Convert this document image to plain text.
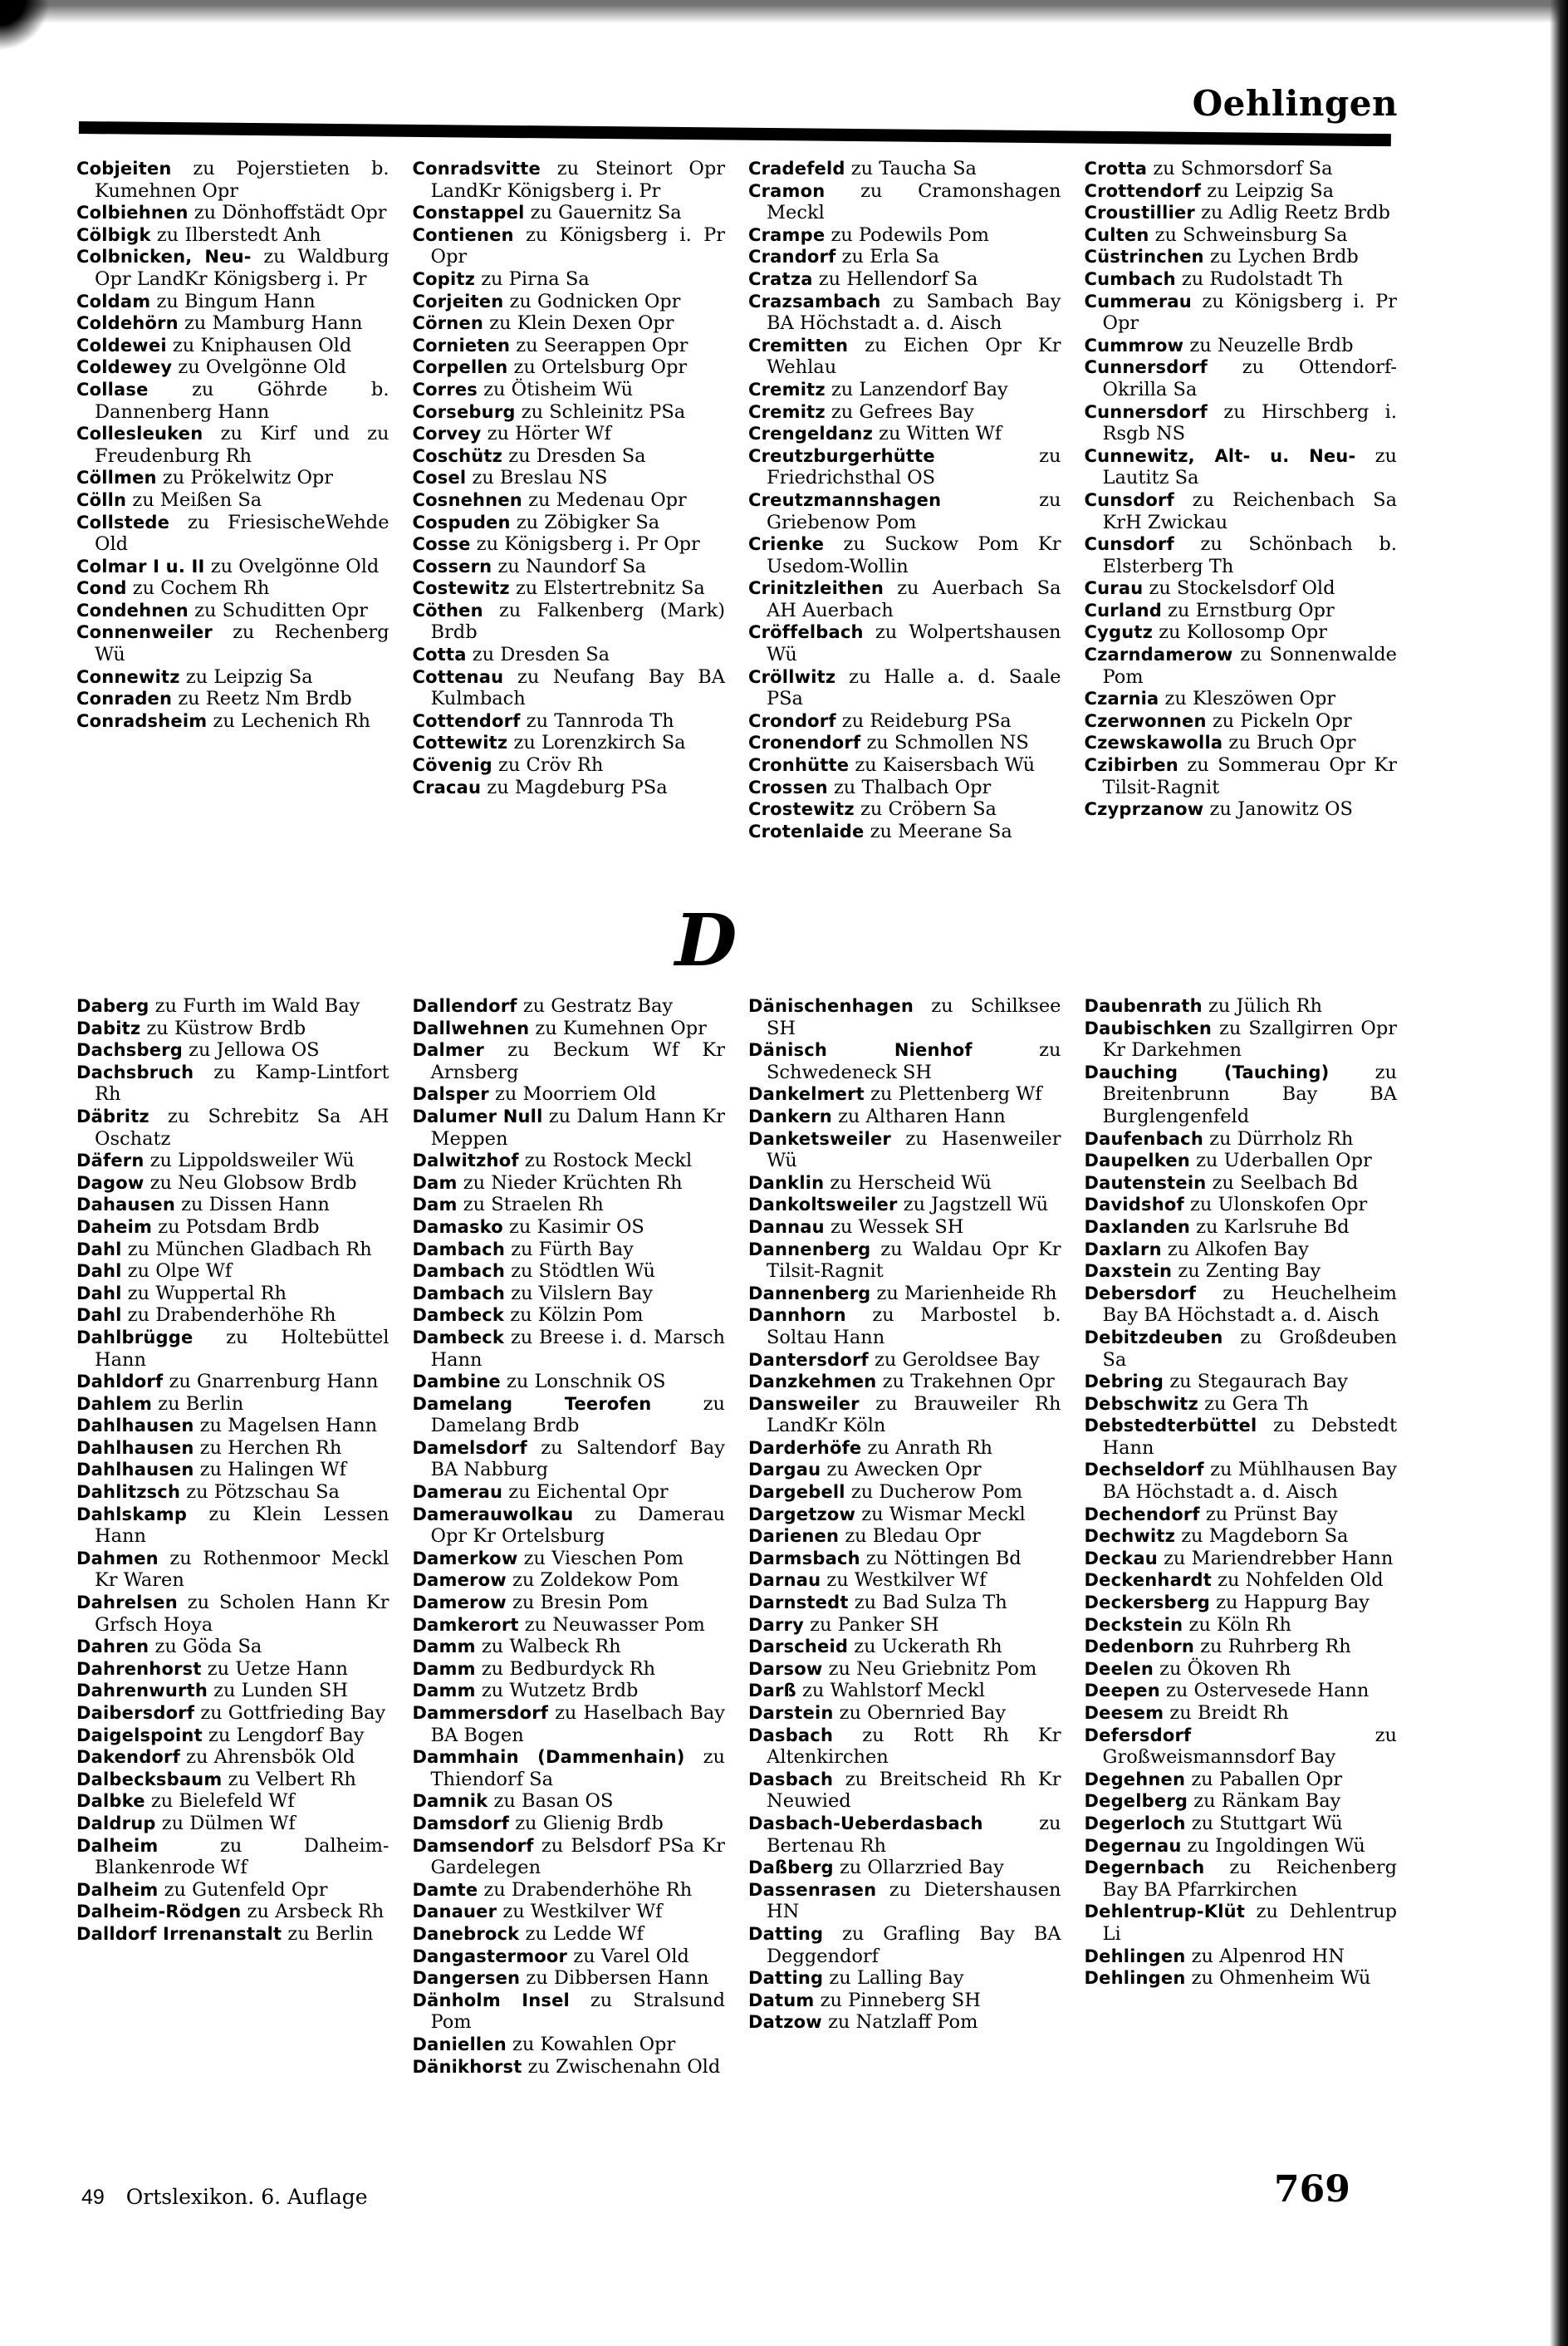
Oehlingen
Cobjeiten zu Pojerstieten b. Kumehnen Opr
Colbiehnen zu Dönhoffstädt Opr
Cölbigk zu Ilberstedt Anh
Colbnicken, Neu- zu Waldburg Opr LandKr Königsberg i. Pr
Coldam zu Bingum Hann
Coldehörn zu Mamburg Hann
Coldewei zu Kniphausen Old
Coldewey zu Ovelgönne Old
Collase zu Göhrde b. Dannenberg Hann
Collesleuken zu Kirf und zu Freudenburg Rh
Cöllmen zu Prökelwitz Opr
Cölln zu Meißen Sa
Collstede zu FriesischeWehde Old
Colmar I u. II zu Ovelgönne Old
Cond zu Cochem Rh
Condehnen zu Schuditten Opr
Connenweiler zu Rechenberg Wü
Connewitz zu Leipzig Sa
Conraden zu Reetz Nm Brdb
Conradsheim zu Lechenich Rh
Conradsvitte zu Steinort Opr LandKr Königsberg i. Pr
Constappel zu Gauernitz Sa
Contienen zu Königsberg i. Pr Opr
Copitz zu Pirna Sa
Corjeiten zu Godnicken Opr
Cörnen zu Klein Dexen Opr
Cornieten zu Seerappen Opr
Corpellen zu Ortelsburg Opr
Corres zu Ötisheim Wü
Corseburg zu Schleinitz PSa
Corvey zu Hörter Wf
Coschütz zu Dresden Sa
Cosel zu Breslau NS
Cosnehnen zu Medenau Opr
Cospuden zu Zöbigker Sa
Cosse zu Königsberg i. Pr Opr
Cossern zu Naundorf Sa
Costewitz zu Elstertrebnitz Sa
Cöthen zu Falkenberg (Mark) Brdb
Cotta zu Dresden Sa
Cottenau zu Neufang Bay BA Kulmbach
Cottendorf zu Tannroda Th
Cottewitz zu Lorenzkirch Sa
Cövenig zu Cröv Rh
Cracau zu Magdeburg PSa
Cradefeld zu Taucha Sa
Cramon zu Cramonshagen Meckl
Crampe zu Podewils Pom
Crandorf zu Erla Sa
Cratza zu Hellendorf Sa
Crazsambach zu Sambach Bay BA Höchstadt a. d. Aisch
Cremitten zu Eichen Opr Kr Wehlau
Cremitz zu Lanzendorf Bay
Cremitz zu Gefrees Bay
Crengeldanz zu Witten Wf
Creutzburgerhütte	zu Friedrichsthal OS
Creutzmannshagen	zu Griebenow Pom
Crienke zu Suckow Pom Kr Usedom-Wollin
Crinitzleithen zu Auerbach Sa AH Auerbach
Cröffelbach zu Wolpertshausen Wü
Cröllwitz zu Halle a. d. Saale PSa
Crondorf zu Reideburg PSa
Cronendorf zu Schmollen NS
Cronhütte zu Kaisersbach Wü
Crossen zu Thalbach Opr
Crostewitz zu Cröbern Sa
Crotenlaide zu Meerane Sa
Crotta zu Schmorsdorf Sa
Crottendorf zu Leipzig Sa
Croustillier zu Adlig Reetz Brdb
Culten zu Schweinsburg Sa
Cüstrinchen zu Lychen Brdb
Cumbach zu Rudolstadt Th
Cummerau zu Königsberg i. Pr Opr
Cummrow zu Neuzelle Brdb
Cunnersdorf zu Ottendorf-Okrilla Sa
Cunnersdorf zu Hirschberg i. Rsgb NS
Cunnewitz, Alt- u. Neu- zu Lautitz Sa
Cunsdorf zu Reichenbach Sa KrH Zwickau
Cunsdorf zu Schönbach b. Elsterberg Th
Curau zu Stockelsdorf Old
Curland zu Ernstburg Opr
Cygutz zu Kollosomp Opr
Czarndamerow zu Sonnenwalde Pom
Czarnia zu Kleszöwen Opr
Czerwonnen zu Pickeln Opr
Czewskawolla zu Bruch Opr
Czibirben zu Sommerau Opr Kr Tilsit-Ragnit
Czyprzanow zu Janowitz OS
D
Daberg zu Furth im Wald Bay
Dabitz zu Küstrow Brdb
Dachsberg zu Jellowa OS
Dachsbruch zu Kamp-Lintfort Rh
Däbritz zu Schrebitz Sa AH Oschatz
Däfern zu Lippoldsweiler Wü
Dagow zu Neu Globsow Brdb
Dahausen zu Dissen Hann
Daheim zu Potsdam Brdb
Dahl zu München Gladbach Rh
Dahl zu Olpe Wf
Dahl zu Wuppertal Rh
Dahl zu Drabenderhöhe Rh
Dahlbrügge zu Holtebüttel Hann
Dahldorf zu Gnarrenburg Hann
Dahlem zu Berlin
Dahlhausen zu Magelsen Hann
Dahlhausen zu Herchen Rh
Dahlhausen zu Halingen Wf
Dahlitzsch zu Pötzschau Sa
Dahlskamp zu Klein Lessen Hann
Dahmen zu Rothenmoor Meckl Kr Waren
Dahrelsen zu Scholen Hann Kr Grfsch Hoya
Dahren zu Göda Sa
Dahrenhorst zu Uetze Hann
Dahrenwurth zu Lunden SH
Daibersdorf zu Gottfrieding Bay
Daigelspoint zu Lengdorf Bay
Dakendorf zu Ahrensbök Old
Dalbecksbaum zu Velbert Rh
Dalbke zu Bielefeld Wf
Daldrup zu Dülmen Wf
Dalheim	zu Dalheim-Blankenrode Wf
Dalheim zu Gutenfeld Opr
Dalheim-Rödgen zu Arsbeck Rh
Dalldorf Irrenanstalt zu Berlin
Dallendorf zu Gestratz Bay
Dallwehnen zu Kumehnen Opr
Dalmer zu Beckum Wf Kr Arnsberg
Dalsper zu Moorriem Old
Dalumer Null zu Dalum Hann Kr Meppen
Dalwitzhof zu Rostock Meckl
Dam zu Nieder Krüchten Rh
Dam zu Straelen Rh
Damasko zu Kasimir OS
Dambach zu Fürth Bay
Dambach zu Stödtlen Wü
Dambach zu Vilslern Bay
Dambeck zu Kölzin Pom
Dambeck zu Breese i. d. Marsch Hann
Dambine zu Lonschnik OS
Damelang Teerofen	zu Damelang Brdb
Damelsdorf zu Saltendorf Bay BA Nabburg
Damerau zu Eichental Opr
Damerauwolkau zu Damerau Opr Kr Ortelsburg
Damerkow zu Vieschen Pom
Damerow zu Zoldekow Pom
Damerow zu Bresin Pom
Damkerort zu Neuwasser Pom
Damm zu Walbeck Rh
Damm zu Bedburdyck Rh
Damm zu Wutzetz Brdb
Dammersdorf zu Haselbach Bay BA Bogen
Dammhain (Dammenhain) zu Thiendorf Sa
Damnik zu Basan OS
Damsdorf zu Glienig Brdb
Damsendorf zu Belsdorf PSa Kr Gardelegen
Damte zu Drabenderhöhe Rh
Danauer zu Westkilver Wf
Danebrock zu Ledde Wf
Dangastermoor zu Varel Old
Dangersen zu Dibbersen Hann
Dänholm Insel zu Stralsund Pom
Daniellen zu Kowahlen Opr
Dänikhorst zu Zwischenahn Old
Dänischenhagen zu Schilksee SH
Dänisch Nienhof	zu Schwedeneck SH
Dankelmert zu Plettenberg Wf
Dankern zu Altharen Hann
Danketsweiler zu Hasenweiler Wü
Danklin zu Herscheid Wü
Dankoltsweiler zu Jagstzell Wü
Dannau zu Wessek SH
Dannenberg zu Waldau Opr Kr Tilsit-Ragnit
Dannenberg zu Marienheide Rh
Dannhorn zu Marbostel b. Soltau Hann
Dantersdorf zu Geroldsee Bay
Danzkehmen zu Trakehnen Opr
Dansweiler zu Brauweiler Rh LandKr Köln
Darderhöfe zu Anrath Rh
Dargau zu Awecken Opr
Dargebell zu Ducherow Pom
Dargetzow zu Wismar Meckl
Darienen zu Bledau Opr
Darmsbach zu Nöttingen Bd
Darnau zu Westkilver Wf
Darnstedt zu Bad Sulza Th
Darry zu Panker SH
Darscheid zu Uckerath Rh
Darsow zu Neu Griebnitz Pom
Darß zu Wahlstorf Meckl
Darstein zu Obernried Bay
Dasbach zu Rott Rh Kr Altenkirchen
Dasbach zu Breitscheid Rh Kr Neuwied
Dasbach-Ueberdasbach	zu Bertenau Rh
Daßberg zu Ollarzried Bay
Dassenrasen zu Dietershausen HN
Datting zu Grafling Bay BA Deggendorf
Datting zu Lalling Bay
Datum zu Pinneberg SH
Datzow zu Natzlaff Pom
Daubenrath zu Jülich Rh
Daubischken zu Szallgirren Opr Kr Darkehmen
Dauching (Tauching) zu Breitenbrunn Bay BA Burglengenfeld
Daufenbach zu Dürrholz Rh
Daupelken zu Uderballen Opr
Dautenstein zu Seelbach Bd
Davidshof zu Ulonskofen Opr
Daxlanden zu Karlsruhe Bd
Daxlarn zu Alkofen Bay
Daxstein zu Zenting Bay
Debersdorf zu Heuchelheim Bay BA Höchstadt a. d. Aisch
Debitzdeuben zu Großdeuben Sa
Debring zu Stegaurach Bay
Debschwitz zu Gera Th
Debstedterbüttel zu Debstedt Hann
Dechseldorf zu Mühlhausen Bay BA Höchstadt a. d. Aisch
Dechendorf zu Prünst Bay
Dechwitz zu Magdeborn Sa
Deckau zu Mariendrebber Hann
Deckenhardt zu Nohfelden Old
Deckersberg zu Happurg Bay
Deckstein zu Köln Rh
Dedenborn zu Ruhrberg Rh
Deelen zu Ökoven Rh
Deepen zu Ostervesede Hann
Deesem zu Breidt Rh
Defersdorf	zu Großweismannsdorf Bay
Degehnen zu Paballen Opr
Degelberg zu Ränkam Bay
Degerloch zu Stuttgart Wü
Degernau zu Ingoldingen Wü
Degernbach zu Reichenberg Bay BA Pfarrkirchen
Dehlentrup-Klüt zu Dehlentrup Li
Dehlingen zu Alpenrod HN
Dehlingen zu Ohmenheim Wü
49 Ortslexikon. 6. Auflage	769
